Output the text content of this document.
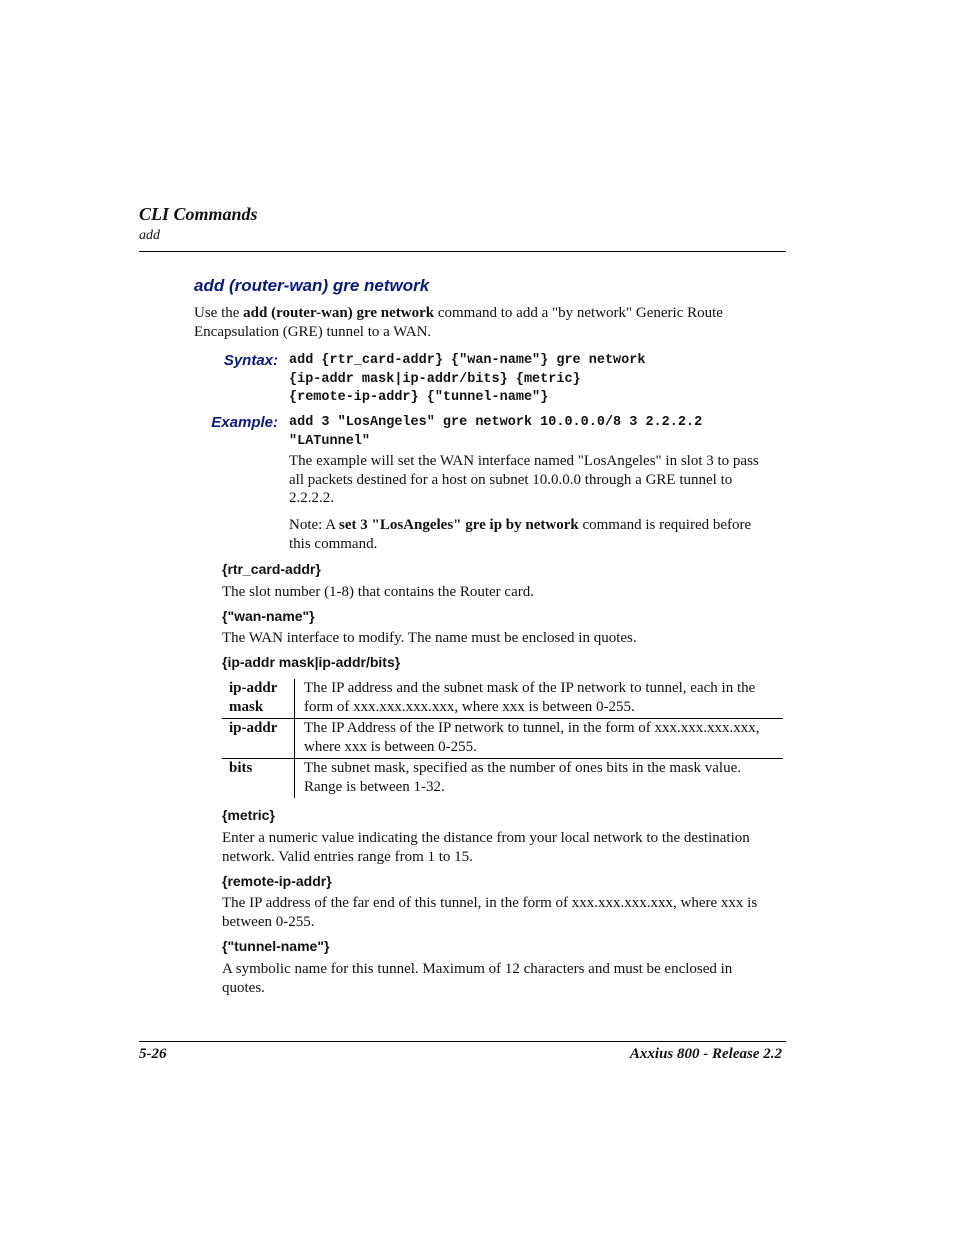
CLI Commands
add
add (router-wan) gre network
Use the add (router-wan) gre network command to add a "by network" Generic Route
Encapsulation (GRE) tunnel to a WAN.
Syntax: add {rtr_card-addr} {"wan-name"} gre network
{ip-addr mask|ip-addr/bits} {metric}
{remote-ip-addr} {"tunnel-name"}
Example: add 3 "LosAngeles" gre network 10.0.0.0/8 3 2.2.2.2
"LATunnel"
The example will set the WAN interface named "LosAngeles" in slot 3 to pass
all packets destined for a host on subnet 10.0.0.0 through a GRE tunnel to
2.2.2.2.
Note: A set 3 "LosAngeles" gre ip by network command is required before
this command.
{rtr_card-addr}
The slot number (1-8) that contains the Router card.
{"wan-name"}
The WAN interface to modify. The name must be enclosed in quotes.
{ip-addr mask|ip-addr/bits}
ip-addr
mask	The IP address and the subnet mask of the IP network to tunnel, each in the
form of xxx.xxx.xxx.xxx, where xxx is between 0-255.
ip-addr	The IP Address of the IP network to tunnel, in the form of xxx.xxx.xxx.xxx,
where xxx is between 0-255.
bits	The subnet mask, specified as the number of ones bits in the mask value.
Range is between 1-32.
{metric}
Enter a numeric value indicating the distance from your local network to the destination
network. Valid entries range from 1 to 15.
{remote-ip-addr}
The IP address of the far end of this tunnel, in the form of xxx.xxx.xxx.xxx, where xxx is
between 0-255.
{"tunnel-name"}
A symbolic name for this tunnel. Maximum of 12 characters and must be enclosed in
quotes.
5-26	Axxius 800 - Release 2.2
